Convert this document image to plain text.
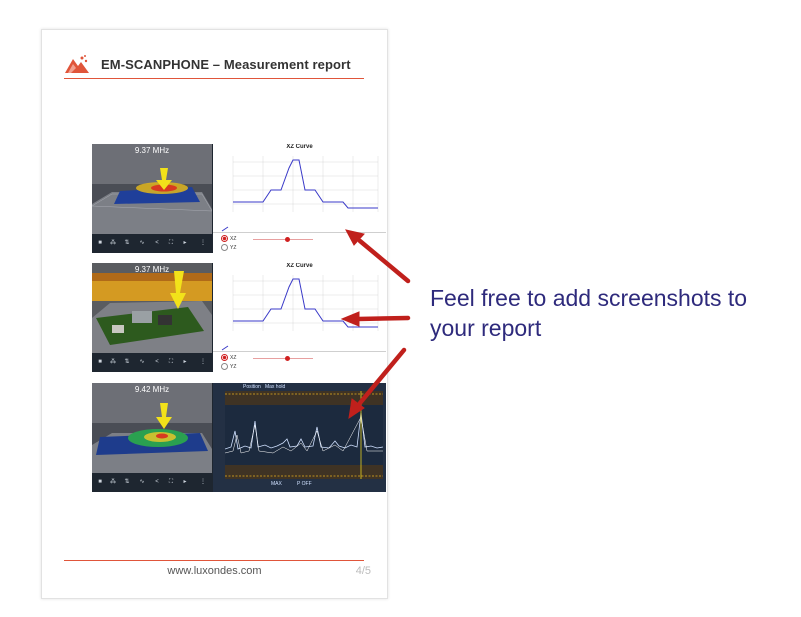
EM-SCANPHONE – Measurement report
9.37 MHz
■	⁂ ⇅ ∿	<	⛶	▸	⋮
XZ Curve
XZ
YZ
9.37 MHz
■	⁂ ⇅ ∿	<	⛶	▸	⋮
XZ Curve
XZ
YZ
9.42 MHz
■	⁂ ⇅ ∿	<	⛶	▸	⋮
Position Max hold
MAX	P OFF
www.luxondes.com	4/5
Feel free to add screenshots to
your report
